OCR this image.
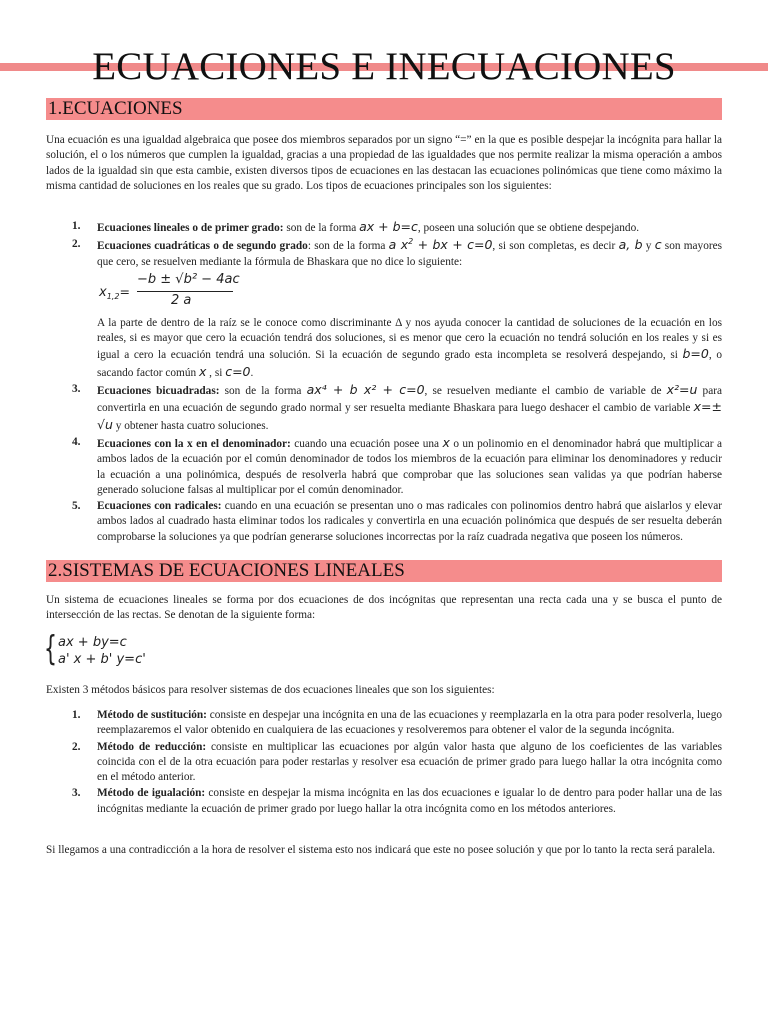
ECUACIONES E INECUACIONES
1.ECUACIONES
Una ecuación es una igualdad algebraica que posee dos miembros separados por un signo “=” en la que es posible despejar la incógnita para hallar la solución, el o los números que cumplen la igualdad, gracias a una propiedad de las igualdades que nos permite realizar la misma operación a ambos lados de la igualdad sin que esta cambie, existen diversos tipos de ecuaciones en las destacan las ecuaciones polinómicas que tiene como máximo la misma cantidad de soluciones en los reales que su grado. Los tipos de ecuaciones principales son los siguientes:
1. Ecuaciones lineales o de primer grado: son de la forma ax + b=c, poseen una solución que se obtiene despejando.
2. Ecuaciones cuadráticas o de segundo grado: son de la forma a $x^2$ + bx + c=0, si son completas, es decir a, b y c son mayores que cero, se resuelven mediante la fórmula de Bhaskara que no dice lo siguiente:
$x_{1,2}=$
−b ± √b² − 4ac
2 a
A la parte de dentro de la raíz se le conoce como discriminante Δ y nos ayuda conocer la cantidad de soluciones de la ecuación en los reales, si es mayor que cero la ecuación tendrá dos soluciones, si es menor que cero la ecuación no tendrá solución en los reales y si es igual a cero la ecuación tendrá una solución. Si la ecuación de segundo grado esta incompleta se resolverá despejando, si b=0, o sacando factor común x , si c=0.
3. Ecuaciones bicuadradas: son de la forma ax⁴ + b x² + c=0, se resuelven mediante el cambio de variable de x²=u para convertirla en una ecuación de segundo grado normal y ser resuelta mediante Bhaskara para luego deshacer el cambio de variable x=± √u y obtener hasta cuatro soluciones.
4. Ecuaciones con la x en el denominador: cuando una ecuación posee una x o un polinomio en el denominador habrá que multiplicar a ambos lados de la ecuación por el común denominador de todos los miembros de la ecuación para eliminar los denominadores y reducir la ecuación a una polinómica, después de resolverla habrá que comprobar que las soluciones sean validas ya que podrían haberse generado solucione falsas al multiplicar por el común denominador.
5. Ecuaciones con radicales: cuando en una ecuación se presentan uno o mas radicales con polinomios dentro habrá que aislarlos y elevar ambos lados al cuadrado hasta eliminar todos los radicales y convertirla en una ecuación polinómica que después de ser resuelta deberán comprobarse la soluciones ya que podrían generarse soluciones incorrectas por la raíz cuadrada negativa que poseen los números.
2.SISTEMAS DE ECUACIONES LINEALES
Un sistema de ecuaciones lineales se forma por dos ecuaciones de dos incógnitas que representan una recta cada una y se busca el punto de intersección de las rectas. Se denotan de la siguiente forma:
{ ax + by=c
a' x + b' y=c'
Existen 3 métodos básicos para resolver sistemas de dos ecuaciones lineales que son los siguientes:
1. Método de sustitución: consiste en despejar una incógnita en una de las ecuaciones y reemplazarla en la otra para poder resolverla, luego reemplazaremos el valor obtenido en cualquiera de las ecuaciones y resolveremos para obtener el valor de la segunda incógnita.
2. Método de reducción: consiste en multiplicar las ecuaciones por algún valor hasta que alguno de los coeficientes de las variables coincida con el de la otra ecuación para poder restarlas y resolver esa ecuación de primer grado para luego hallar la otra incógnita como en el método anterior.
3. Método de igualación: consiste en despejar la misma incógnita en las dos ecuaciones e igualar lo de dentro para poder hallar una de las incógnitas mediante la ecuación de primer grado por luego hallar la otra incógnita como en los métodos anteriores.
Si llegamos a una contradicción a la hora de resolver el sistema esto nos indicará que este no posee solución y que por lo tanto la recta será paralela.
